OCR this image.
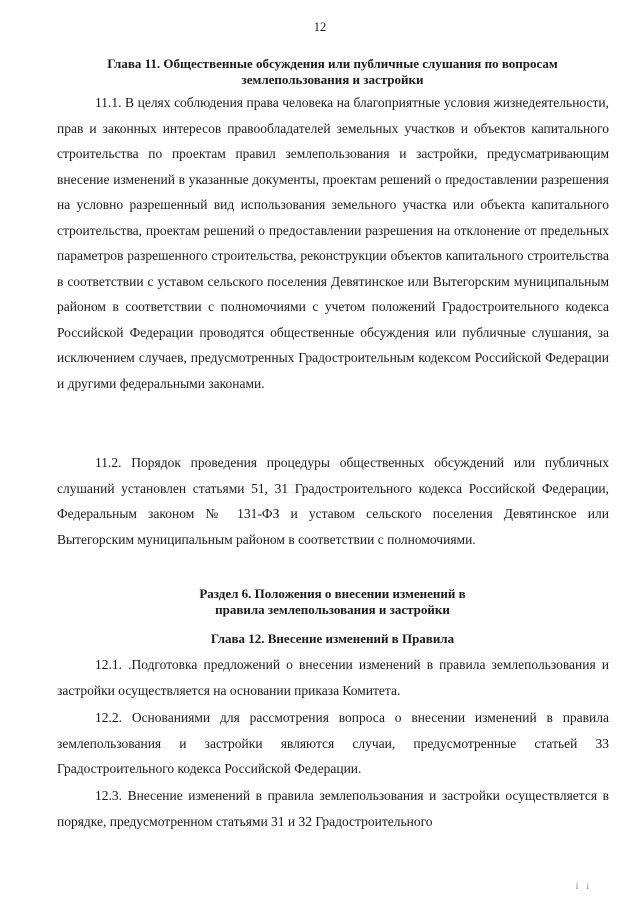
12
Глава 11. Общественные обсуждения или публичные слушания по вопросам
землепользования и застройки

11.1. В целях соблюдения права человека на благоприятные условия жизнедеятельности, прав и законных интересов правообладателей земельных участков и объектов капитального строительства по проектам правил землепользования и застройки, предусматривающим внесение изменений в указанные документы, проектам решений о предоставлении разрешения на условно разрешенный вид использования земельного участка или объекта капитального строительства, проектам решений о предоставлении разрешения на отклонение от предельных параметров разрешенного строительства, реконструкции объектов капитального строительства в соответствии с уставом сельского поселения Девятинское или Вытегорским муниципальным районом в соответствии с полномочиями с учетом положений Градостроительного кодекса Российской Федерации проводятся общественные обсуждения или публичные слушания, за исключением случаев, предусмотренных Градостроительным кодексом Российской Федерации и другими федеральными законами.

11.2. Порядок проведения процедуры общественных обсуждений или публичных слушаний установлен статьями 51, 31 Градостроительного кодекса Российской Федерации, Федеральным законом № 131-ФЗ и уставом сельского поселения Девятинское или Вытегорским муниципальным районом в соответствии с полномочиями.

Раздел 6. Положения о внесении изменений в
правила землепользования и застройки
Глава 12. Внесение изменений в Правила

12.1. .Подготовка предложений о внесении изменений в правила землепользования и застройки осуществляется на основании приказа Комитета.

12.2. Основаниями для рассмотрения вопроса о внесении изменений в правила землепользования и застройки являются случаи, предусмотренные статьей 33 Градостроительного кодекса Российской Федерации.

12.3. Внесение изменений в правила землепользования и застройки осуществляется в порядке, предусмотренном статьями 31 и 32 Градостроительного

i i
